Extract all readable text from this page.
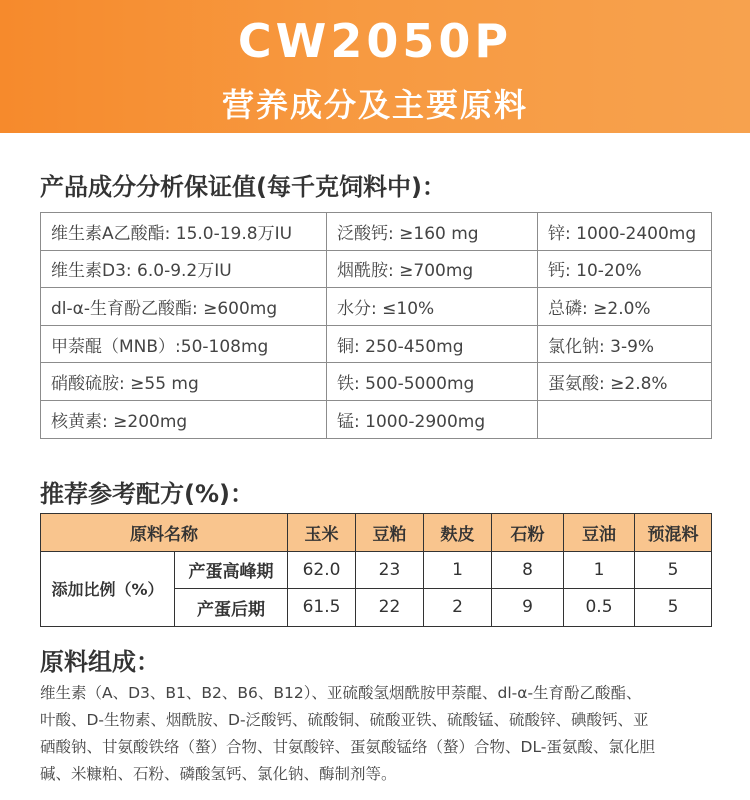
CW2050P
营养成分及主要原料
产品成分分析保证值(每千克饲料中)：
维生素A乙酸酯: 15.0-19.8万IU	泛酸钙: ≥160 mg	锌: 1000-2400mg
维生素D3: 6.0-9.2万IU	烟酰胺: ≥700mg	钙: 10-20%
dl-α-生育酚乙酸酯: ≥600mg	水分: ≤10%	总磷: ≥2.0%
甲萘醌（MNB）:50-108mg	铜: 250-450mg	氯化钠: 3-9%
硝酸硫胺: ≥55 mg	铁: 500-5000mg	蛋氨酸: ≥2.8%
核黄素: ≥200mg	锰: 1000-2900mg	
推荐参考配方(%)：
原料名称		玉米	豆粕	麸皮	石粉	豆油	预混料
添加比例（%）	产蛋高峰期	62.0	23	1	8	1	5
	产蛋后期	61.5	22	2	9	0.5	5
原料组成：
维生素（A、D3、B1、B2、B6、B12）、亚硫酸氢烟酰胺甲萘醌、dl-α-生育酚乙酸酯、
叶酸、D-生物素、烟酰胺、D-泛酸钙、硫酸铜、硫酸亚铁、硫酸锰、硫酸锌、碘酸钙、亚
硒酸钠、甘氨酸铁络（螯）合物、甘氨酸锌、蛋氨酸锰络（螯）合物、DL-蛋氨酸、氯化胆
碱、米糠粕、石粉、磷酸氢钙、氯化钠、酶制剂等。
